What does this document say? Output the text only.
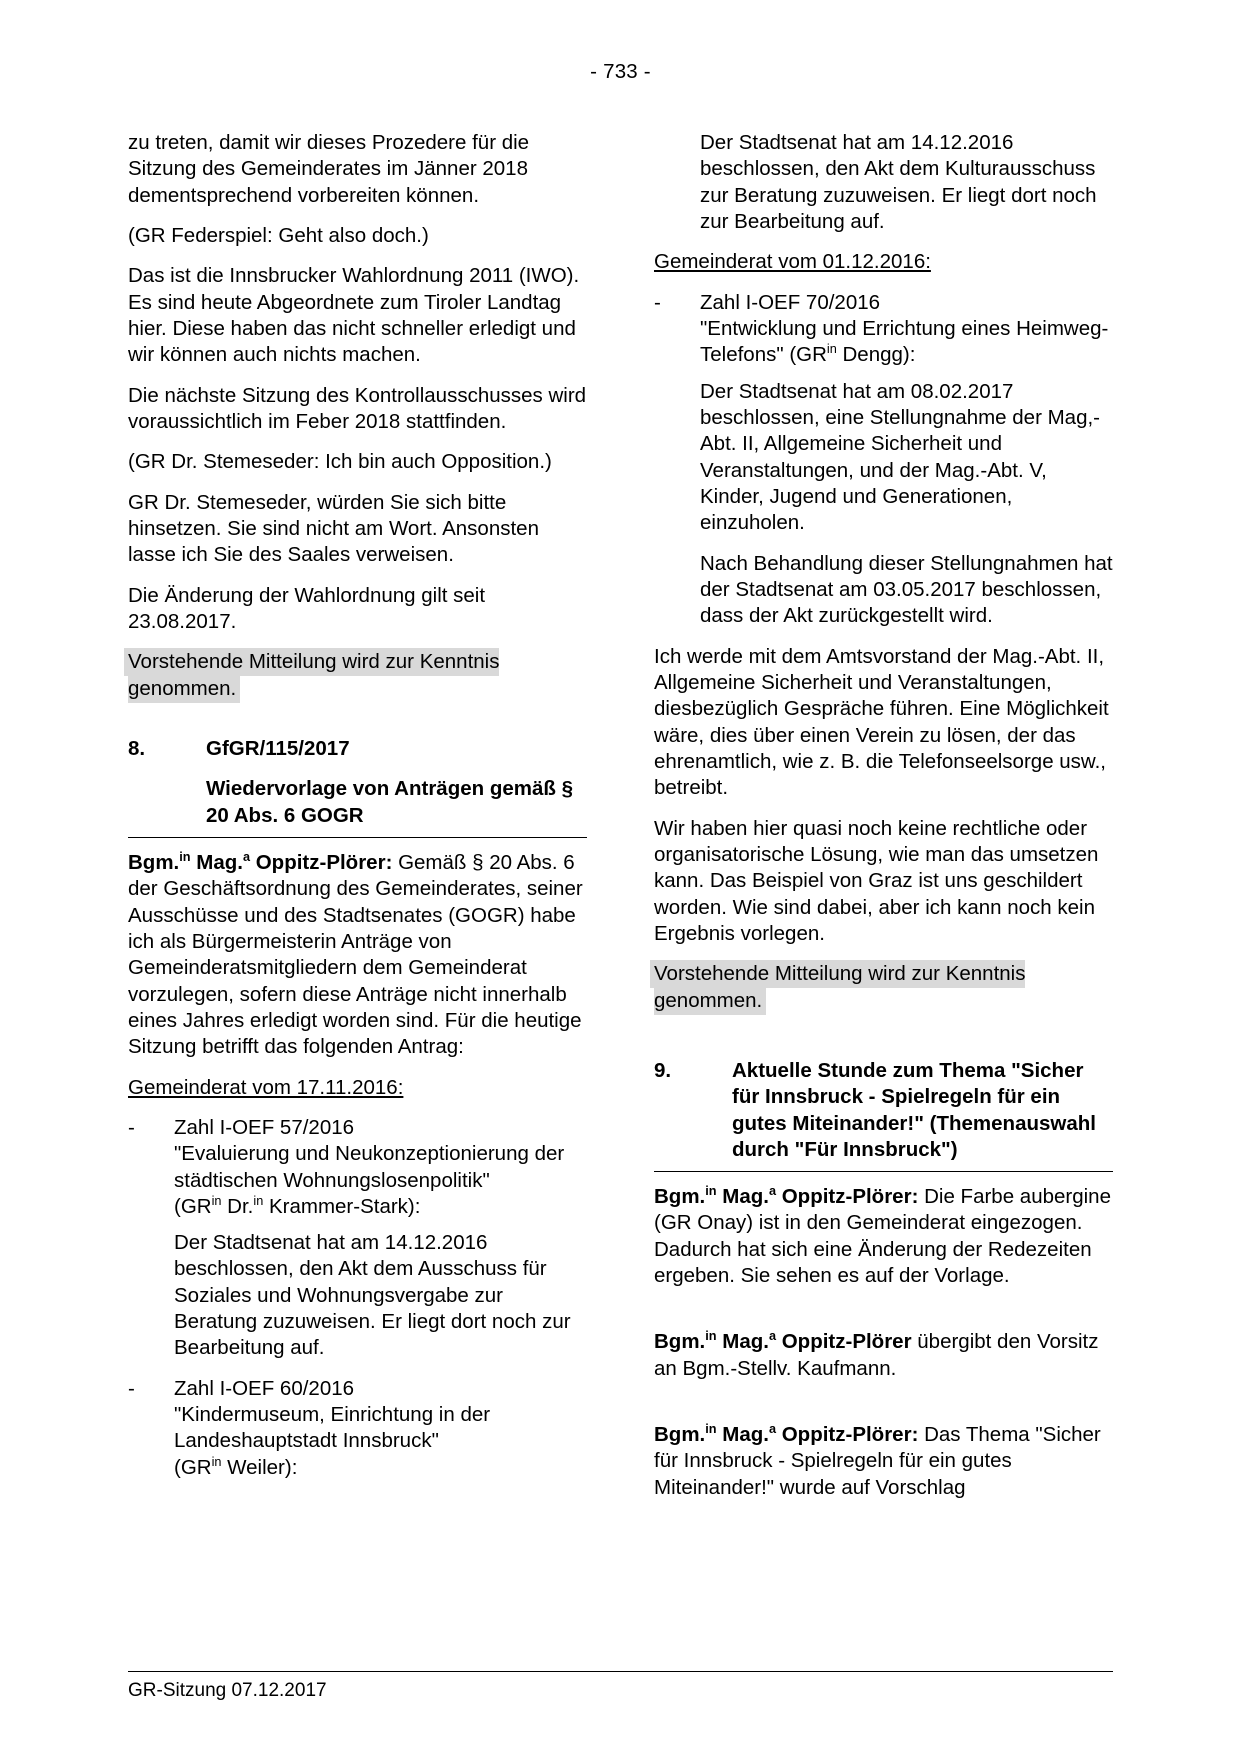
- 733 -

zu treten, damit wir dieses Prozedere für die Sitzung des Gemeinderates im Jänner 2018 dementsprechend vorbereiten können.

(GR Federspiel: Geht also doch.)

Das ist die Innsbrucker Wahlordnung 2011 (IWO). Es sind heute Abgeordnete zum Tiroler Landtag hier. Diese haben das nicht schneller erledigt und wir können auch nichts machen.

Die nächste Sitzung des Kontrollausschusses wird voraussichtlich im Feber 2018 stattfinden.

(GR Dr. Stemeseder: Ich bin auch Opposition.)

GR Dr. Stemeseder, würden Sie sich bitte hinsetzen. Sie sind nicht am Wort. Ansonsten lasse ich Sie des Saales verweisen.

Die Änderung der Wahlordnung gilt seit 23.08.2017.

Vorstehende Mitteilung wird zur Kenntnis genommen.

8.	GfGR/115/2017
Wiedervorlage von Anträgen gemäß § 20 Abs. 6 GOGR

Bgm.$^{in}$ Mag.$^a$ Oppitz-Plörer: Gemäß § 20 Abs. 6 der Geschäftsordnung des Gemeinderates, seiner Ausschüsse und des Stadtsenates (GOGR) habe ich als Bürgermeisterin Anträge von Gemeinderatsmitgliedern dem Gemeinderat vorzulegen, sofern diese Anträge nicht innerhalb eines Jahres erledigt worden sind. Für die heutige Sitzung betrifft das folgenden Antrag:

Gemeinderat vom 17.11.2016:

-	Zahl I-OEF 57/2016
"Evaluierung und Neukonzeptionierung der städtischen Wohnungslosenpolitik"
($GR^{in}$ Dr.$^{in}$ Krammer-Stark):

Der Stadtsenat hat am 14.12.2016 beschlossen, den Akt dem Ausschuss für Soziales und Wohnungsvergabe zur Beratung zuzuweisen. Er liegt dort noch zur Bearbeitung auf.

-	Zahl I-OEF 60/2016
"Kindermuseum, Einrichtung in der Landeshauptstadt Innsbruck"
($GR^{in}$ Weiler):

Der Stadtsenat hat am 14.12.2016 beschlossen, den Akt dem Kulturausschuss zur Beratung zuzuweisen. Er liegt dort noch zur Bearbeitung auf.

Gemeinderat vom 01.12.2016:

-	Zahl I-OEF 70/2016
"Entwicklung und Errichtung eines Heimweg-Telefons" ($GR^{in}$ Dengg):

Der Stadtsenat hat am 08.02.2017 beschlossen, eine Stellungnahme der Mag,-Abt. II, Allgemeine Sicherheit und Veranstaltungen, und der Mag.-Abt. V, Kinder, Jugend und Generationen, einzuholen.

Nach Behandlung dieser Stellungnahmen hat der Stadtsenat am 03.05.2017 beschlossen, dass der Akt zurückgestellt wird.

Ich werde mit dem Amtsvorstand der Mag.-Abt. II, Allgemeine Sicherheit und Veranstaltungen, diesbezüglich Gespräche führen. Eine Möglichkeit wäre, dies über einen Verein zu lösen, der das ehrenamtlich, wie z. B. die Telefonseelsorge usw., betreibt.

Wir haben hier quasi noch keine rechtliche oder organisatorische Lösung, wie man das umsetzen kann. Das Beispiel von Graz ist uns geschildert worden. Wie sind dabei, aber ich kann noch kein Ergebnis vorlegen.

Vorstehende Mitteilung wird zur Kenntnis genommen.

9.	Aktuelle Stunde zum Thema "Sicher für Innsbruck - Spielregeln für ein gutes Miteinander!" (Themenauswahl durch "Für Innsbruck")

Bgm.$^{in}$ Mag.$^a$ Oppitz-Plörer: Die Farbe aubergine (GR Onay) ist in den Gemeinderat eingezogen. Dadurch hat sich eine Änderung der Redezeiten ergeben. Sie sehen es auf der Vorlage.

Bgm.$^{in}$ Mag.$^a$ Oppitz-Plörer übergibt den Vorsitz an Bgm.-Stellv. Kaufmann.

Bgm.$^{in}$ Mag.$^a$ Oppitz-Plörer: Das Thema "Sicher für Innsbruck - Spielregeln für ein gutes Miteinander!" wurde auf Vorschlag

GR-Sitzung 07.12.2017
